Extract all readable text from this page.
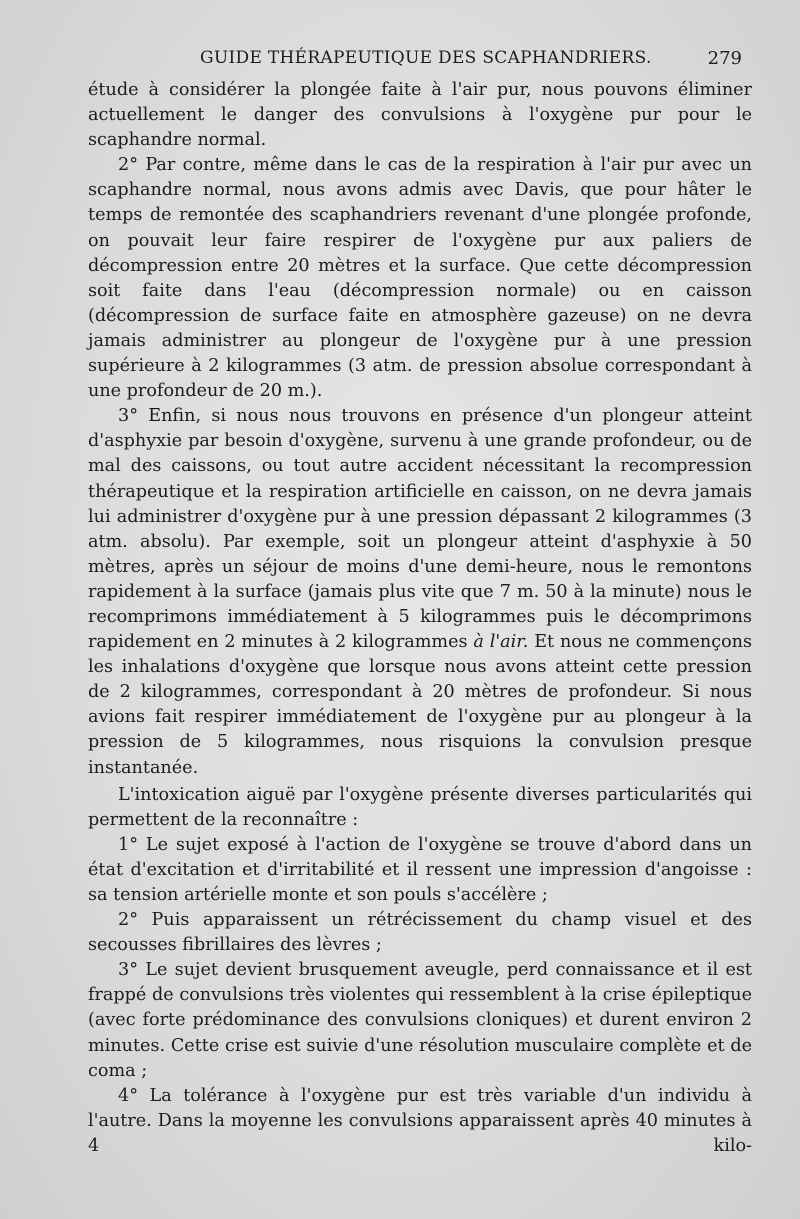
GUIDE THÉRAPEUTIQUE DES SCAPHANDRIERS.	279

étude à considérer la plongée faite à l'air pur, nous pouvons éliminer actuellement le danger des convulsions à l'oxygène pur pour le scaphandre normal.

2° Par contre, même dans le cas de la respiration à l'air pur avec un scaphandre normal, nous avons admis avec Davis, que pour hâter le temps de remontée des scaphandriers revenant d'une plongée profonde, on pouvait leur faire respirer de l'oxygène pur aux paliers de décompression entre 20 mètres et la surface. Que cette décompression soit faite dans l'eau (décompression normale) ou en caisson (décompression de surface faite en atmosphère gazeuse) on ne devra jamais administrer au plongeur de l'oxygène pur à une pression supérieure à 2 kilogrammes (3 atm. de pression absolue correspondant à une profondeur de 20 m.).

3° Enfin, si nous nous trouvons en présence d'un plongeur atteint d'asphyxie par besoin d'oxygène, survenu à une grande profondeur, ou de mal des caissons, ou tout autre accident nécessitant la recompression thérapeutique et la respiration artificielle en caisson, on ne devra jamais lui administrer d'oxygène pur à une pression dépassant 2 kilogrammes (3 atm. absolu). Par exemple, soit un plongeur atteint d'asphyxie à 50 mètres, après un séjour de moins d'une demi-heure, nous le remontons rapidement à la surface (jamais plus vite que 7 m. 50 à la minute) nous le recomprimons immédiatement à 5 kilogrammes puis le décomprimons rapidement en 2 minutes à 2 kilogrammes à l'air. Et nous ne commençons les inhalations d'oxygène que lorsque nous avons atteint cette pression de 2 kilogrammes, correspondant à 20 mètres de profondeur. Si nous avions fait respirer immédiatement de l'oxygène pur au plongeur à la pression de 5 kilogrammes, nous risquions la convulsion presque instantanée.

L'intoxication aiguë par l'oxygène présente diverses particularités qui permettent de la reconnaître :

1° Le sujet exposé à l'action de l'oxygène se trouve d'abord dans un état d'excitation et d'irritabilité et il ressent une impression d'angoisse : sa tension artérielle monte et son pouls s'accélère ;

2° Puis apparaissent un rétrécissement du champ visuel et des secousses fibrillaires des lèvres ;

3° Le sujet devient brusquement aveugle, perd connaissance et il est frappé de convulsions très violentes qui ressemblent à la crise épileptique (avec forte prédominance des convulsions cloniques) et durent environ 2 minutes. Cette crise est suivie d'une résolution musculaire complète et de coma ;

4° La tolérance à l'oxygène pur est très variable d'un individu à l'autre. Dans la moyenne les convulsions apparaissent après 40 minutes à 4 kilo-
